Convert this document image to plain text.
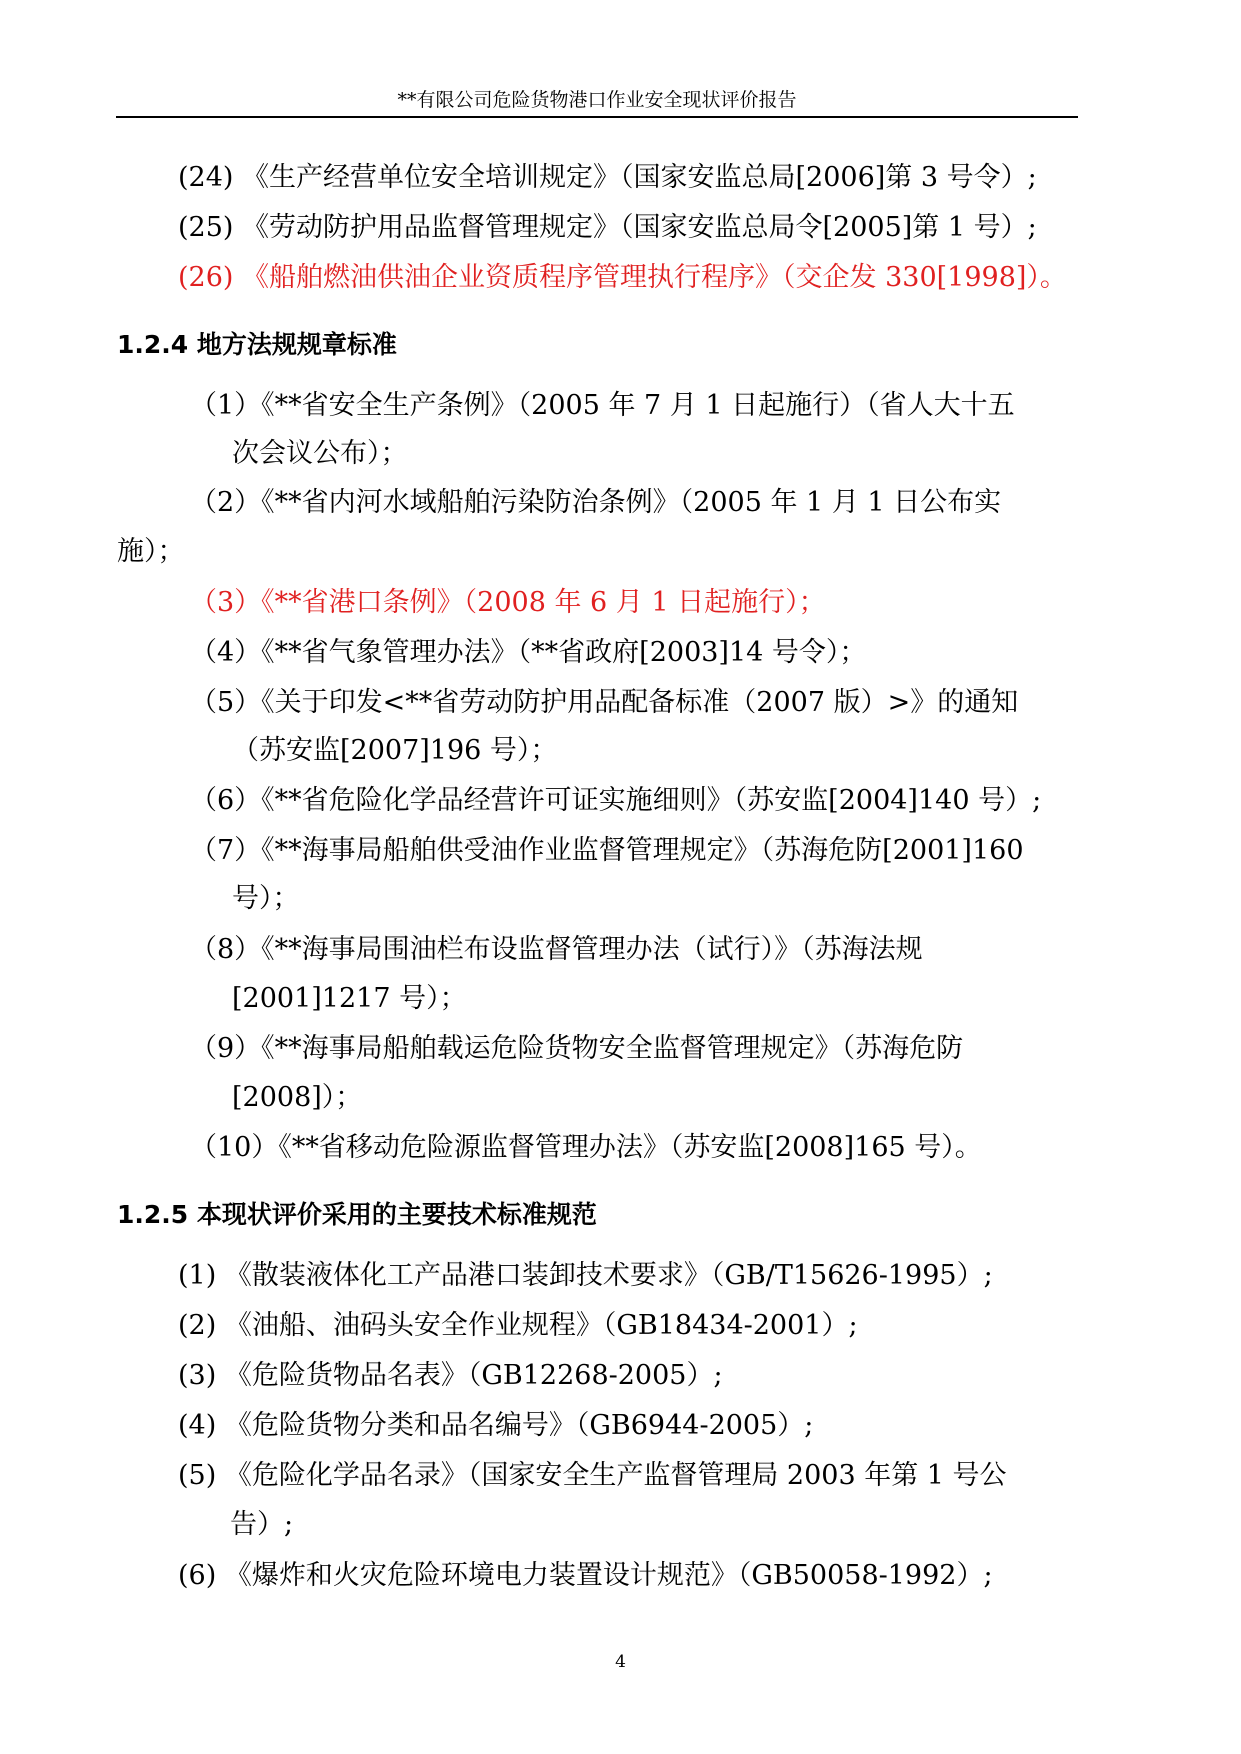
**有限公司危险货物港口作业安全现状评价报告
(24) 《生产经营单位安全培训规定》（国家安监总局[2006]第 3 号令）;
(25) 《劳动防护用品监督管理规定》（国家安监总局令[2005]第 1 号）;
(26) 《船舶燃油供油企业资质程序管理执行程序》（交企发 330[1998]）。
1.2.4 地方法规规章标准
（1）《**省安全生产条例》（2005 年 7 月 1 日起施行）（省人大十五
次会议公布）；
（2）《**省内河水域船舶污染防治条例》（2005 年 1 月 1 日公布实
施）；
（3）《**省港口条例》（2008 年 6 月 1 日起施行）；
（4）《**省气象管理办法》（**省政府[2003]14 号令）；
（5）《关于印发<**省劳动防护用品配备标准（2007 版）>》的通知
（苏安监[2007]196 号）；
（6）《**省危险化学品经营许可证实施细则》（苏安监[2004]140 号）;
（7）《**海事局船舶供受油作业监督管理规定》（苏海危防[2001]160
号）；
（8）《**海事局围油栏布设监督管理办法（试行）》（苏海法规
[2001]1217 号）；
（9）《**海事局船舶载运危险货物安全监督管理规定》（苏海危防
[2008]）；
（10）《**省移动危险源监督管理办法》（苏安监[2008]165 号）。
1.2.5 本现状评价采用的主要技术标准规范
(1) 《散装液体化工产品港口装卸技术要求》（GB/T15626-1995）;
(2) 《油船、油码头安全作业规程》（GB18434-2001）;
(3) 《危险货物品名表》（GB12268-2005）;
(4) 《危险货物分类和品名编号》（GB6944-2005）;
(5) 《危险化学品名录》（国家安全生产监督管理局 2003 年第 1 号公
告）;
(6) 《爆炸和火灾危险环境电力装置设计规范》（GB50058-1992）;
4
